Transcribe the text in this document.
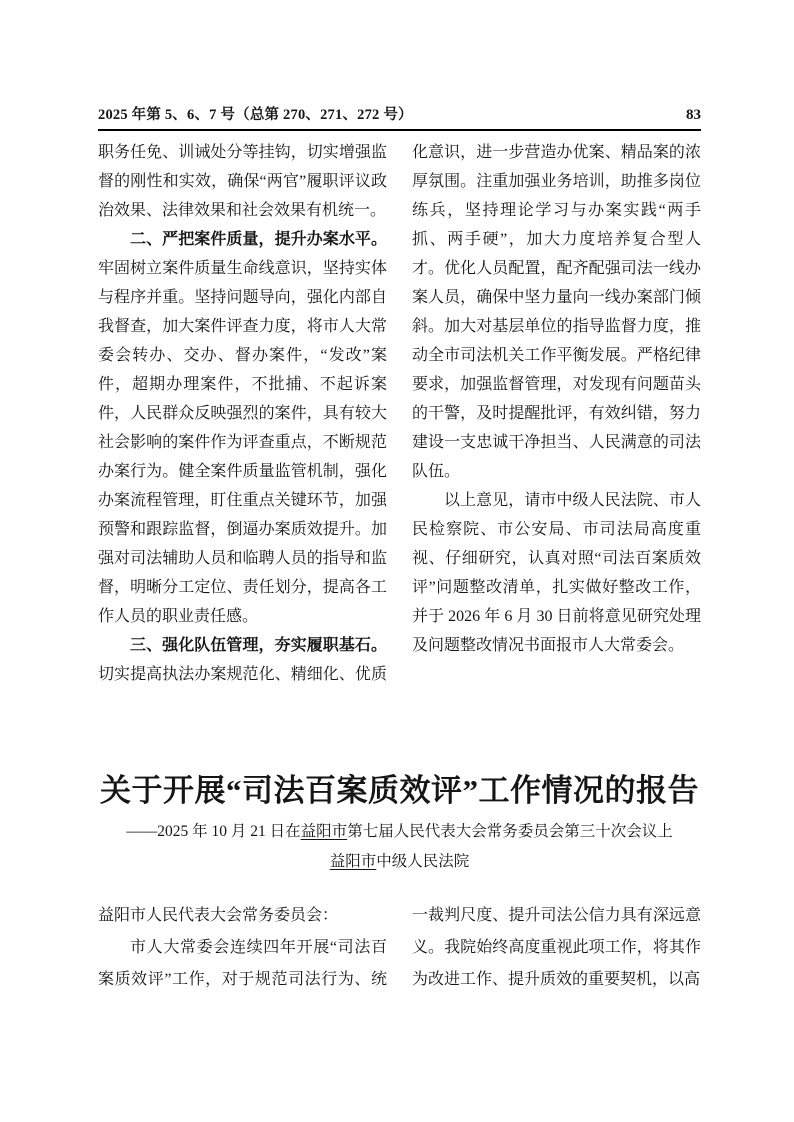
2025 年第 5、6、7 号（总第 270、271、272 号）	83

职务任免、训诫处分等挂钩，切实增强监督的刚性和实效，确保“两官”履职评议政治效果、法律效果和社会效果有机统一。

二、严把案件质量，提升办案水平。牢固树立案件质量生命线意识，坚持实体与程序并重。坚持问题导向，强化内部自我督查，加大案件评查力度，将市人大常委会转办、交办、督办案件，“发改”案件，超期办理案件，不批捕、不起诉案件，人民群众反映强烈的案件，具有较大社会影响的案件作为评查重点，不断规范办案行为。健全案件质量监管机制，强化办案流程管理，盯住重点关键环节，加强预警和跟踪监督，倒逼办案质效提升。加强对司法辅助人员和临聘人员的指导和监督，明晰分工定位、责任划分，提高各工作人员的职业责任感。

三、强化队伍管理，夯实履职基石。切实提高执法办案规范化、精细化、优质化意识，进一步营造办优案、精品案的浓厚氛围。注重加强业务培训，助推多岗位练兵，坚持理论学习与办案实践“两手抓、两手硬”，加大力度培养复合型人才。优化人员配置，配齐配强司法一线办案人员，确保中坚力量向一线办案部门倾斜。加大对基层单位的指导监督力度，推动全市司法机关工作平衡发展。严格纪律要求，加强监督管理，对发现有问题苗头的干警，及时提醒批评，有效纠错，努力建设一支忠诚干净担当、人民满意的司法队伍。

以上意见，请市中级人民法院、市人民检察院、市公安局、市司法局高度重视、仔细研究，认真对照“司法百案质效评”问题整改清单，扎实做好整改工作，并于 2026 年 6 月 30 日前将意见研究处理及问题整改情况书面报市人大常委会。

关于开展“司法百案质效评”工作情况的报告
——2025 年 10 月 21 日在益阳市第七届人民代表大会常务委员会第三十次会议上
益阳市中级人民法院

益阳市人民代表大会常务委员会：

市人大常委会连续四年开展“司法百案质效评”工作，对于规范司法行为、统一裁判尺度、提升司法公信力具有深远意义。我院始终高度重视此项工作，将其作为改进工作、提升质效的重要契机，以高
